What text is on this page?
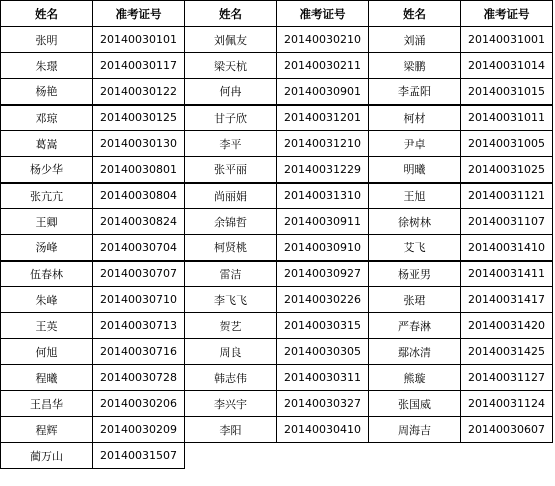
姓名	准考证号	姓名	准考证号	姓名	准考证号
张明	20140030101	刘佩友	20140030210	刘涌	20140031001
朱璟	20140030117	梁天杭	20140030211	梁鹏	20140031014
杨艳	20140030122	何冉	20140030901	李孟阳	20140031015
邓琼	20140030125	甘子欣	20140031201	柯材	20140031011
葛嵩	20140030130	李平	20140031210	尹卓	20140031005
杨少华	20140030801	张平丽	20140031229	明曦	20140031025
张亢亢	20140030804	尚丽娟	20140031310	王旭	20140031121
王卿	20140030824	余锦哲	20140030911	徐树林	20140031107
汤峰	20140030704	柯贤桃	20140030910	艾飞	20140031410
伍春林	20140030707	雷洁	20140030927	杨亚男	20140031411
朱峰	20140030710	李飞飞	20140030226	张珺	20140031417
王英	20140030713	贺艺	20140030315	严春淋	20140031420
何旭	20140030716	周良	20140030305	鄢冰清	20140031425
程曦	20140030728	韩志伟	20140030311	熊璇	20140031127
王昌华	20140030206	李兴宇	20140030327	张国威	20140031124
程辉	20140030209	李阳	20140030410	周海吉	20140030607
蔺万山	20140031507				
